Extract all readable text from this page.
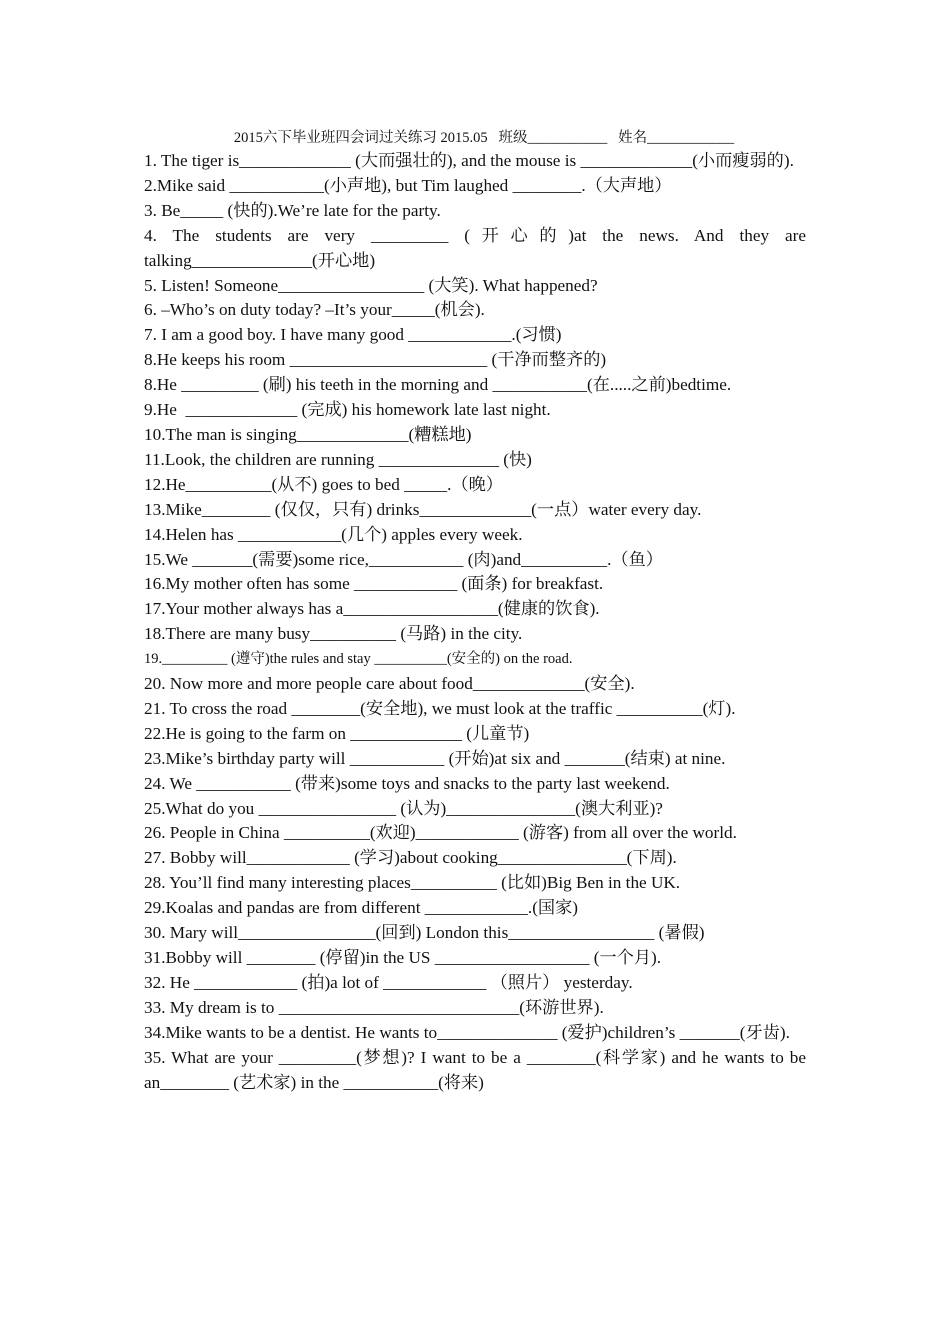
2015六下毕业班四会词过关练习 2015.05   班级___________   姓名____________

1. The tiger is_____________ (大而强壮的), and the mouse is _____________(小而瘦弱的).

2.Mike said ___________(小声地), but Tim laughed ________.（大声地）

3. Be_____ (快的).We’re late for the party.

4. The students are very _________ (开心的)at the news. And they are talking______________(开心地)

5. Listen! Someone_________________ (大笑). What happened?

6. –Who’s on duty today? –It’s your_____(机会).

7. I am a good boy. I have many good ____________.(习惯)

8.He keeps his room _______________________ (干净而整齐的)

8.He _________ (刷) his teeth in the morning and ___________(在.....之前)bedtime.

9.He  _____________ (完成) his homework late last night.

10.The man is singing_____________(糟糕地)

11.Look, the children are running ______________ (快)

12.He__________(从不) goes to bed _____.（晚）

13.Mike________ (仅仅，只有) drinks_____________(一点）water every day.

14.Helen has ____________(几个) apples every week.

15.We _______(需要)some rice,___________ (肉)and__________.（鱼）

16.My mother often has some ____________ (面条) for breakfast.

17.Your mother always has a__________________(健康的饮食).

18.There are many busy__________ (马路) in the city.

19._________ (遵守)the rules and stay __________(安全的) on the road.

20. Now more and more people care about food_____________(安全).

21. To cross the road ________(安全地), we must look at the traffic __________(灯).

22.He is going to the farm on _____________ (儿童节)

23.Mike’s birthday party will ___________ (开始)at six and _______(结束) at nine.

24. We ___________ (带来)some toys and snacks to the party last weekend.

25.What do you ________________ (认为)_______________(澳大利亚)?

26. People in China __________(欢迎)____________ (游客) from all over the world.

27. Bobby will____________ (学习)about cooking_______________(下周).

28. You’ll find many interesting places__________ (比如)Big Ben in the UK.

29.Koalas and pandas are from different ____________.(国家)

30. Mary will________________(回到) London this_________________ (暑假)

31.Bobby will ________ (停留)in the US __________________ (一个月).

32. He ____________ (拍)a lot of ____________ （照片） yesterday.

33. My dream is to ____________________________(环游世界).

34.Mike wants to be a dentist. He wants to______________ (爱护)children’s _______(牙齿).

35. What are your _________(梦想)? I want to be a ________(科学家) and he wants to be an________ (艺术家) in the ___________(将来)
